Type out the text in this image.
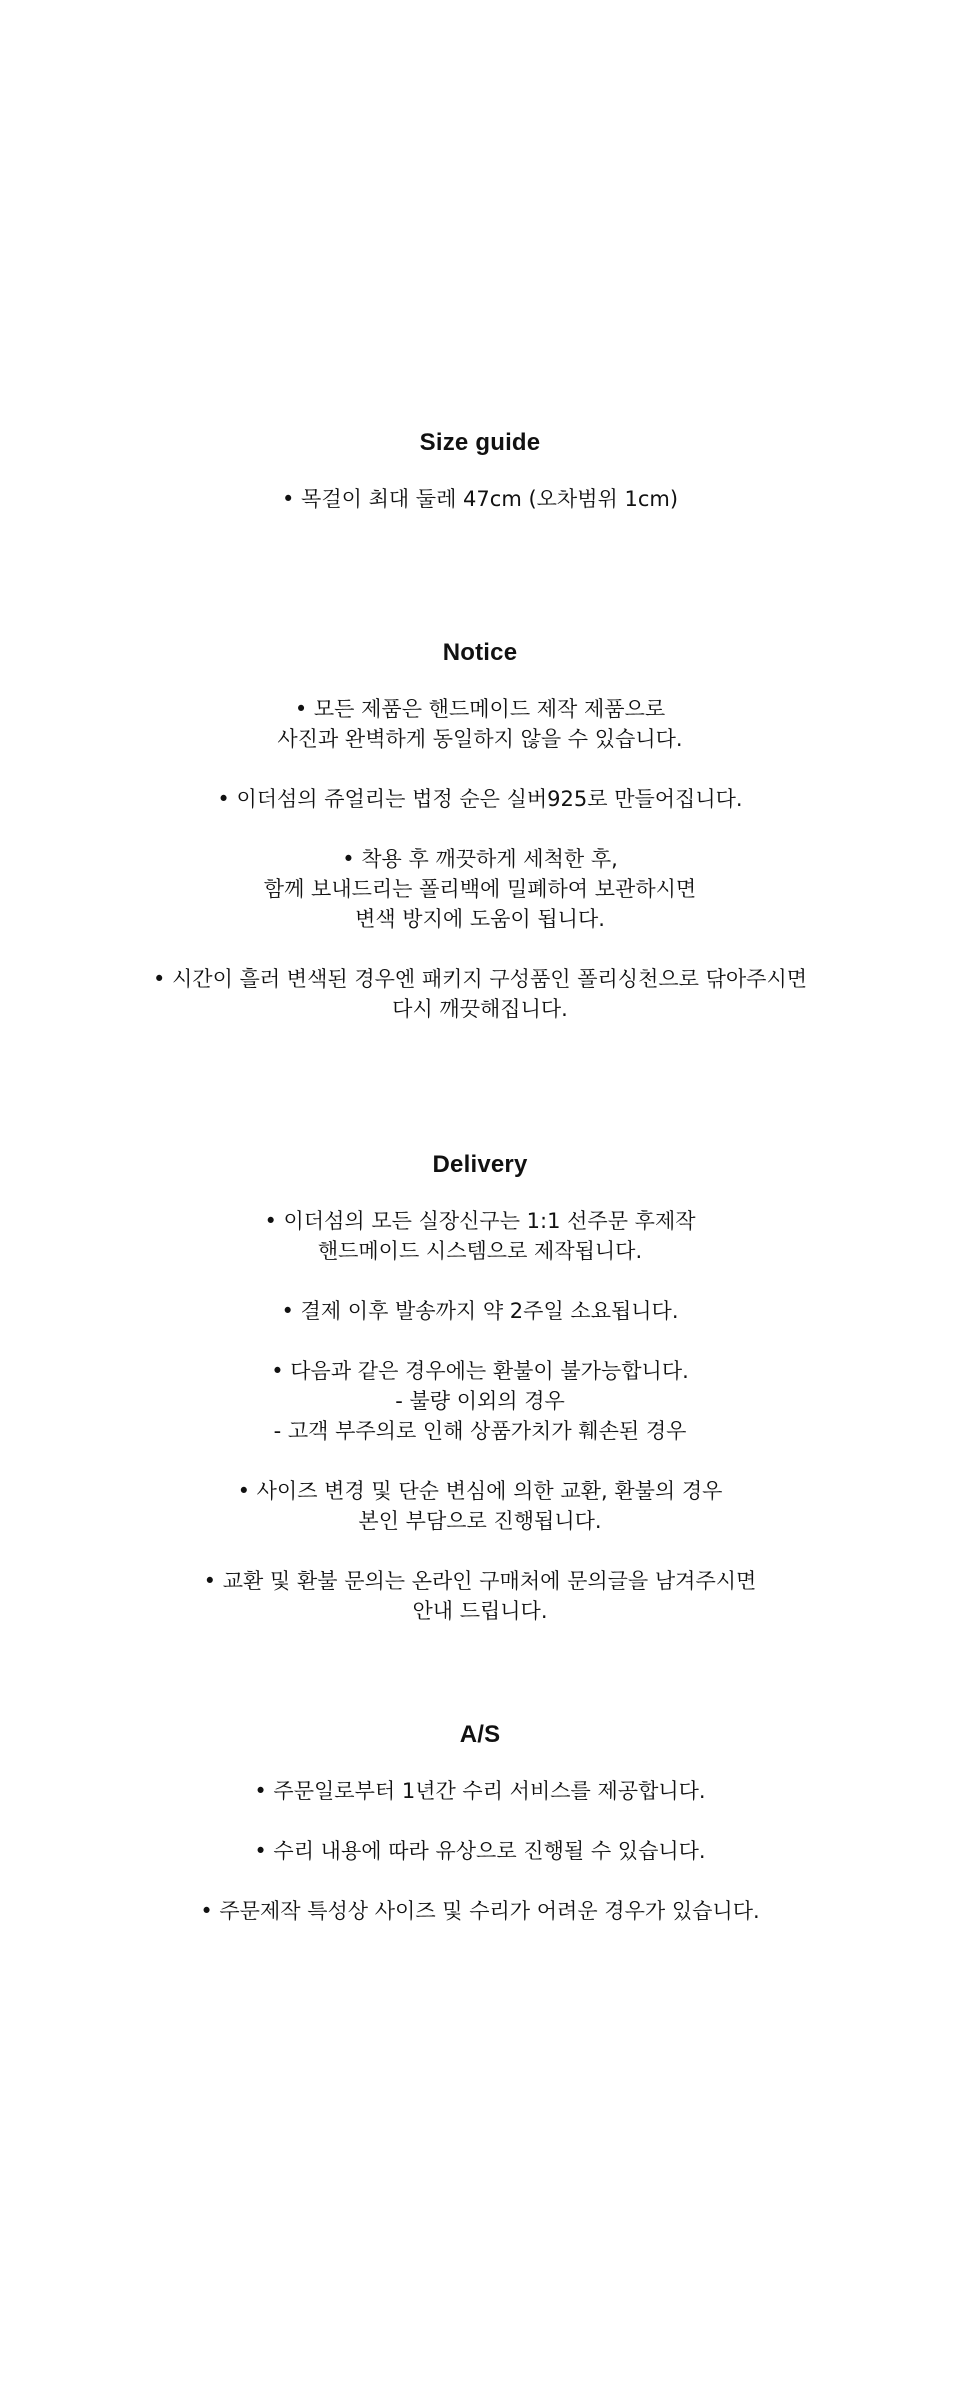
Size guide
• 목걸이 최대 둘레 47cm (오차범위 1cm)
Notice
• 모든 제품은 핸드메이드 제작 제품으로
사진과 완벽하게 동일하지 않을 수 있습니다.
• 이더섬의 쥬얼리는 법정 순은 실버925로 만들어집니다.
• 착용 후 깨끗하게 세척한 후,
함께 보내드리는 폴리백에 밀폐하여 보관하시면
변색 방지에 도움이 됩니다.
• 시간이 흘러 변색된 경우엔 패키지 구성품인 폴리싱천으로 닦아주시면
다시 깨끗해집니다.
Delivery
• 이더섬의 모든 실장신구는 1:1 선주문 후제작
핸드메이드 시스템으로 제작됩니다.
• 결제 이후 발송까지 약 2주일 소요됩니다.
• 다음과 같은 경우에는 환불이 불가능합니다.
- 불량 이외의 경우
- 고객 부주의로 인해 상품가치가 훼손된 경우
• 사이즈 변경 및 단순 변심에 의한 교환, 환불의 경우
본인 부담으로 진행됩니다.
• 교환 및 환불 문의는 온라인 구매처에 문의글을 남겨주시면
안내 드립니다.
A/S
• 주문일로부터 1년간 수리 서비스를 제공합니다.
• 수리 내용에 따라 유상으로 진행될 수 있습니다.
• 주문제작 특성상 사이즈 및 수리가 어려운 경우가 있습니다.
